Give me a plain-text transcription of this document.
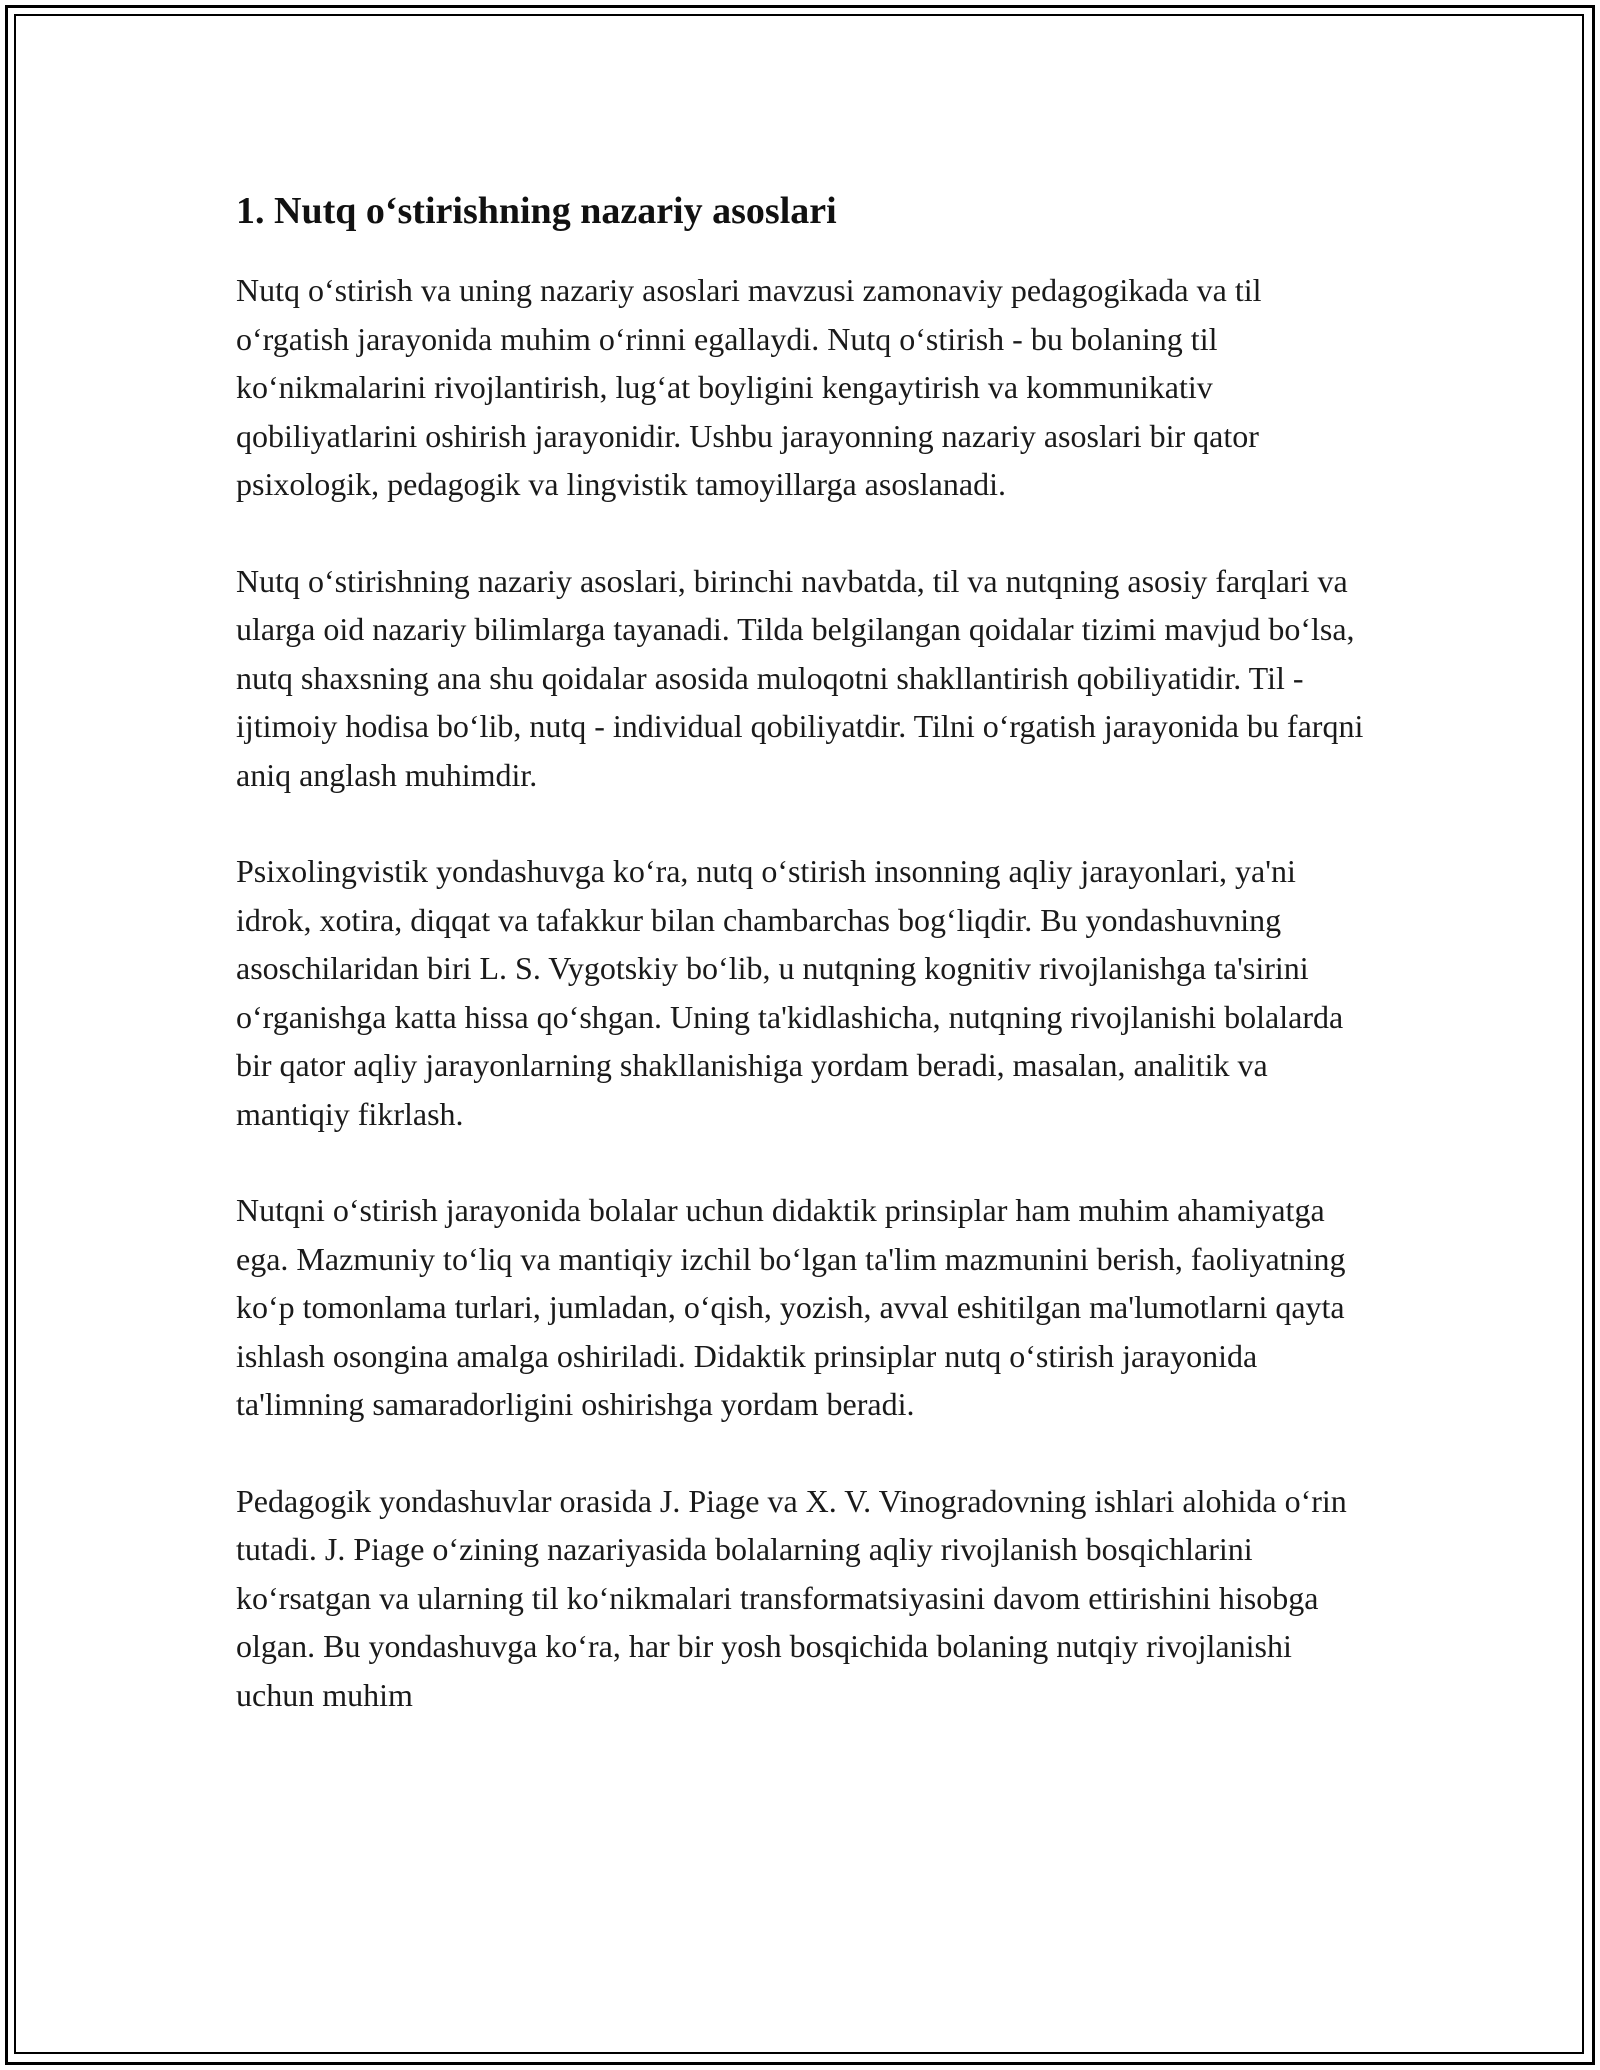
1. Nutq o‘stirishning nazariy asoslari

Nutq o‘stirish va uning nazariy asoslari mavzusi zamonaviy pedagogikada va til o‘rgatish jarayonida muhim o‘rinni egallaydi. Nutq o‘stirish - bu bolaning til ko‘nikmalarini rivojlantirish, lug‘at boyligini kengaytirish va kommunikativ qobiliyatlarini oshirish jarayonidir. Ushbu jarayonning nazariy asoslari bir qator psixologik, pedagogik va lingvistik tamoyillarga asoslanadi.

Nutq o‘stirishning nazariy asoslari, birinchi navbatda, til va nutqning asosiy farqlari va ularga oid nazariy bilimlarga tayanadi. Tilda belgilangan qoidalar tizimi mavjud bo‘lsa, nutq shaxsning ana shu qoidalar asosida muloqotni shakllantirish qobiliyatidir. Til - ijtimoiy hodisa bo‘lib, nutq - individual qobiliyatdir. Tilni o‘rgatish jarayonida bu farqni aniq anglash muhimdir.

Psixolingvistik yondashuvga ko‘ra, nutq o‘stirish insonning aqliy jarayonlari, ya'ni idrok, xotira, diqqat va tafakkur bilan chambarchas bog‘liqdir. Bu yondashuvning asoschilaridan biri L. S. Vygotskiy bo‘lib, u nutqning kognitiv rivojlanishga ta'sirini o‘rganishga katta hissa qo‘shgan. Uning ta'kidlashicha, nutqning rivojlanishi bolalarda bir qator aqliy jarayonlarning shakllanishiga yordam beradi, masalan, analitik va mantiqiy fikrlash.

Nutqni o‘stirish jarayonida bolalar uchun didaktik prinsiplar ham muhim ahamiyatga ega. Mazmuniy to‘liq va mantiqiy izchil bo‘lgan ta'lim mazmunini berish, faoliyatning ko‘p tomonlama turlari, jumladan, o‘qish, yozish, avval eshitilgan ma'lumotlarni qayta ishlash osongina amalga oshiriladi. Didaktik prinsiplar nutq o‘stirish jarayonida ta'limning samaradorligini oshirishga yordam beradi.

Pedagogik yondashuvlar orasida J. Piage va X. V. Vinogradovning ishlari alohida o‘rin tutadi. J. Piage o‘zining nazariyasida bolalarning aqliy rivojlanish bosqichlarini ko‘rsatgan va ularning til ko‘nikmalari transformatsiyasini davom ettirishini hisobga olgan. Bu yondashuvga ko‘ra, har bir yosh bosqichida bolaning nutqiy rivojlanishi uchun muhim
